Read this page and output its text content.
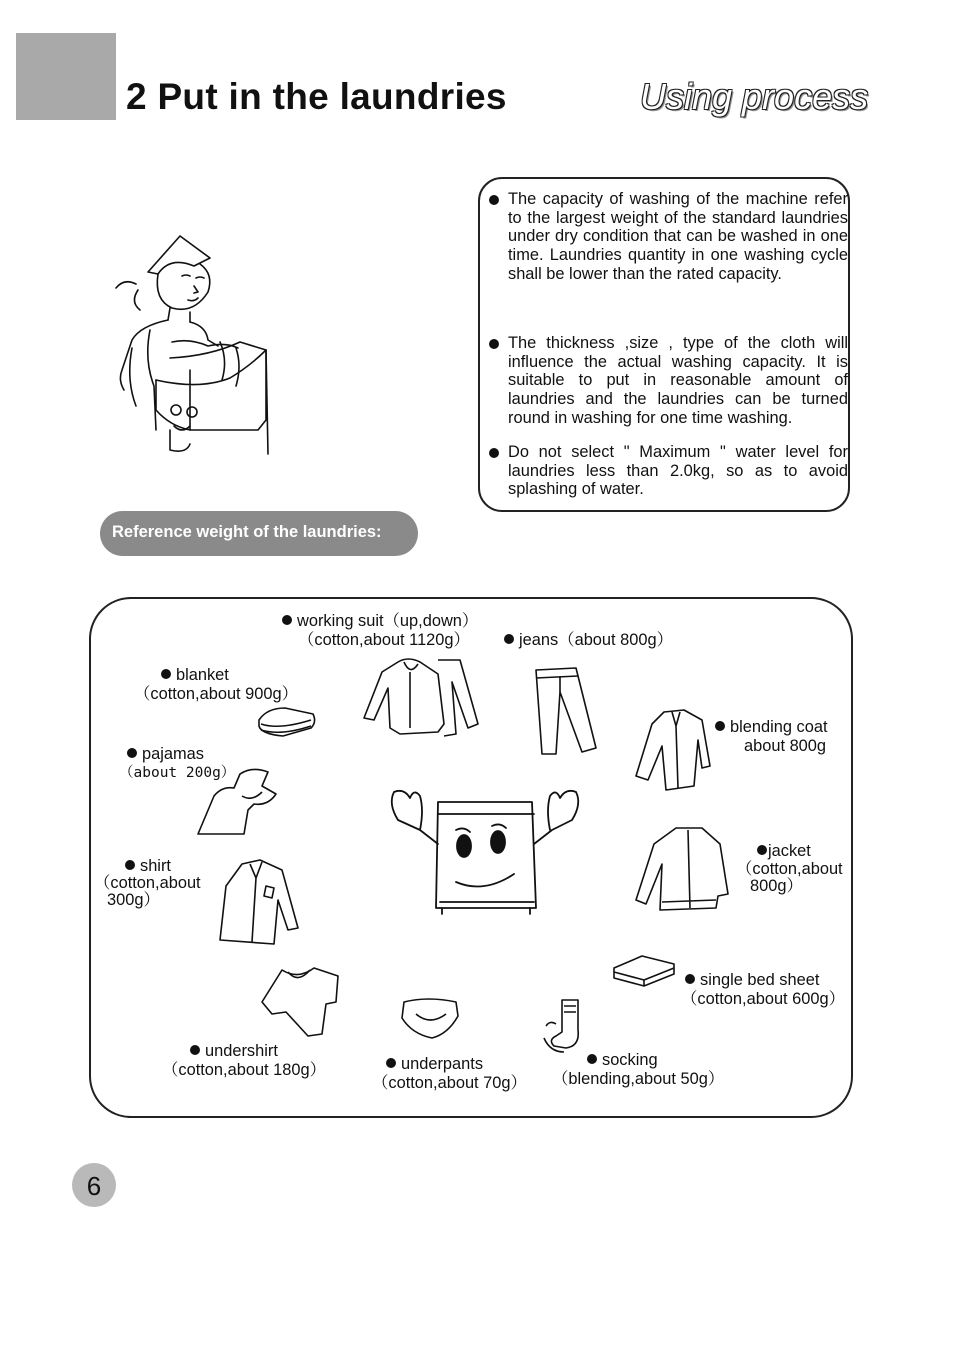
2 Put in the laundries	Using process
The capacity of washing of the machine refer to the largest weight of the standard laundries under dry condition that can be washed in one time. Laundries quantity in one washing cycle shall be lower than the rated capacity.
The thickness ,size , type of the cloth will influence the actual washing capacity. It is suitable to put in reasonable amount of laundries and the laundries can be turned round in washing for one time washing.
Do not select " Maximum " water level for laundries less than 2.0kg, so as to avoid splashing of water.
Reference weight of the laundries:
working suit（up,down）
（cotton,about 1120g）	jeans（about 800g）
blanket
（cotton,about 900g）
blending coat
about 800g
pajamas
（about 200g）
shirt
（cotton,about
300g）
jacket
（cotton,about
800g）
single bed sheet
（cotton,about 600g）
undershirt
（cotton,about 180g）	underpants
（cotton,about 70g）
socking
（blending,about 50g）
6
